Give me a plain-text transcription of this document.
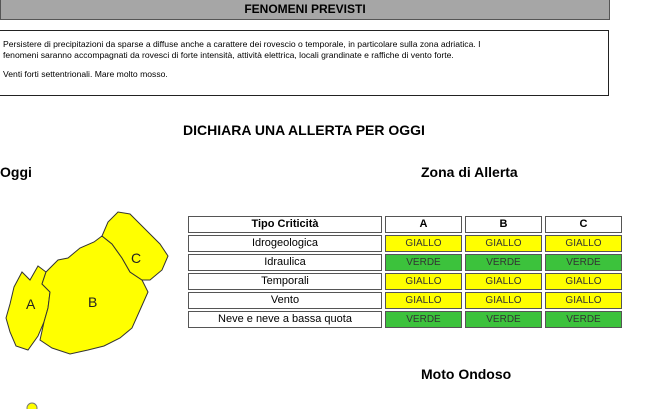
FENOMENI PREVISTI

Persistere di precipitazioni da sparse a diffuse anche a carattere dei rovescio o temporale, in particolare sulla zona adriatica. I
fenomeni saranno accompagnati da rovesci di forte intensità, attività elettrica, locali grandinate e raffiche di vento forte.

Venti forti settentrionali. Mare molto mosso.

DICHIARA UNA ALLERTA PER OGGI
Oggi	Zona di Allerta
A	B
C
Tipo Criticità	A	B	C
Idrogeologica	GIALLO	GIALLO	GIALLO
Idraulica	VERDE	VERDE	VERDE
Temporali	GIALLO	GIALLO	GIALLO
Vento	GIALLO	GIALLO	GIALLO
Neve e neve a bassa quota	VERDE	VERDE	VERDE
Moto Ondoso
